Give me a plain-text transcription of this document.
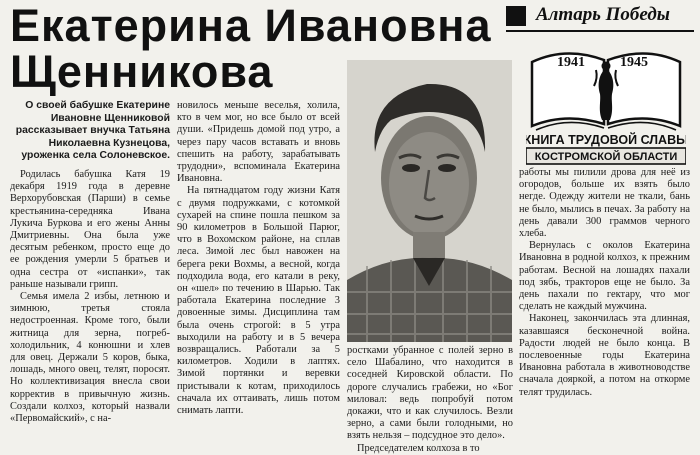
Екатерина Ивановна
Щенникова
Алтарь Победы
1941	1945
КНИГА ТРУДОВОЙ СЛАВЫ
КОСТРОМСКОЙ ОБЛАСТИ

О своей бабушке Екатерине Ивановне Щенниковой рассказывает внучка Татьяна Николаевна Кузнецова, уроженка села Солоневское.

Родилась бабушка Катя 19 декабря 1919 года в деревне Верхорубовская (Парши) в семье крестьянина-середняка Ивана Лукича Буркова и его жены Анны Дмитриевны. Она была уже десятым ребенком, просто еще до ее рождения умерли 5 братьев и одна сестра от «испанки», так раньше называли грипп.

Семья имела 2 избы, летнюю и зимнюю, третья стояла недостроенная. Кроме того, были житница для зерна, погреб-холодильник, 4 конюшни и хлев для овец. Держали 5 коров, быка, лошадь, много овец, телят, поросят. Но коллективизация внесла свои корректив в привычную жизнь. Создали колхоз, который назвали «Первомайский», с на-

новилось меньше веселья, холила, кто в чем мог, но все было от всей души. «Придешь домой под утро, а через пару часов вставать и вновь спешить на работу, зарабатывать трудодни», вспоминала Екатерина Ивановна.

На пятнадцатом году жизни Катя с двумя подружками, с котомкой сухарей на спине пошла пешком за 90 километров в Большой Парюг, что в Вохомском районе, на сплав леса. Зимой лес был навожен на берега реки Вохмы, а весной, когда подходила вода, его катали в реку, он «шел» по течению в Шарью. Так работала Екатерина последние 3 довоенные зимы. Дисциплина там была очень строгой: в 5 утра выходили на работу и в 5 вечера возвращались. Работали за 5 километров. Ходили в лаптях. Зимой портянки и веревки пристывали к котам, приходилось сначала их оттаивать, лишь потом снимать лапти.

ростками убранное с полей зерно в село Шабалино, что находится в соседней Кировской области. По дороге случались грабежи, но «Бог миловал: ведь попробуй потом докажи, что и как случилось. Везли зерно, а сами были голодными, но взять нельзя – подсудное это дело».

Председателем колхоза в то

работы мы пилили дрова для неё из огородов, больше их взять было негде. Одежду жители не ткали, бань не было, мылись в печах. За работу на день давали 300 граммов черного хлеба.

Вернулась с околов Екатерина Ивановна в родной колхоз, к прежним работам. Весной на лошадях пахали под зябь, тракторов еще не было. За день пахали по гектару, что мог сделать не каждый мужчина.

Наконец, закончилась эта длинная, казавшаяся бесконечной война. Радости людей не было конца. В послевоенные годы Екатерина Ивановна работала в животноводстве сначала дояркой, а потом на откорме телят трудилась.
